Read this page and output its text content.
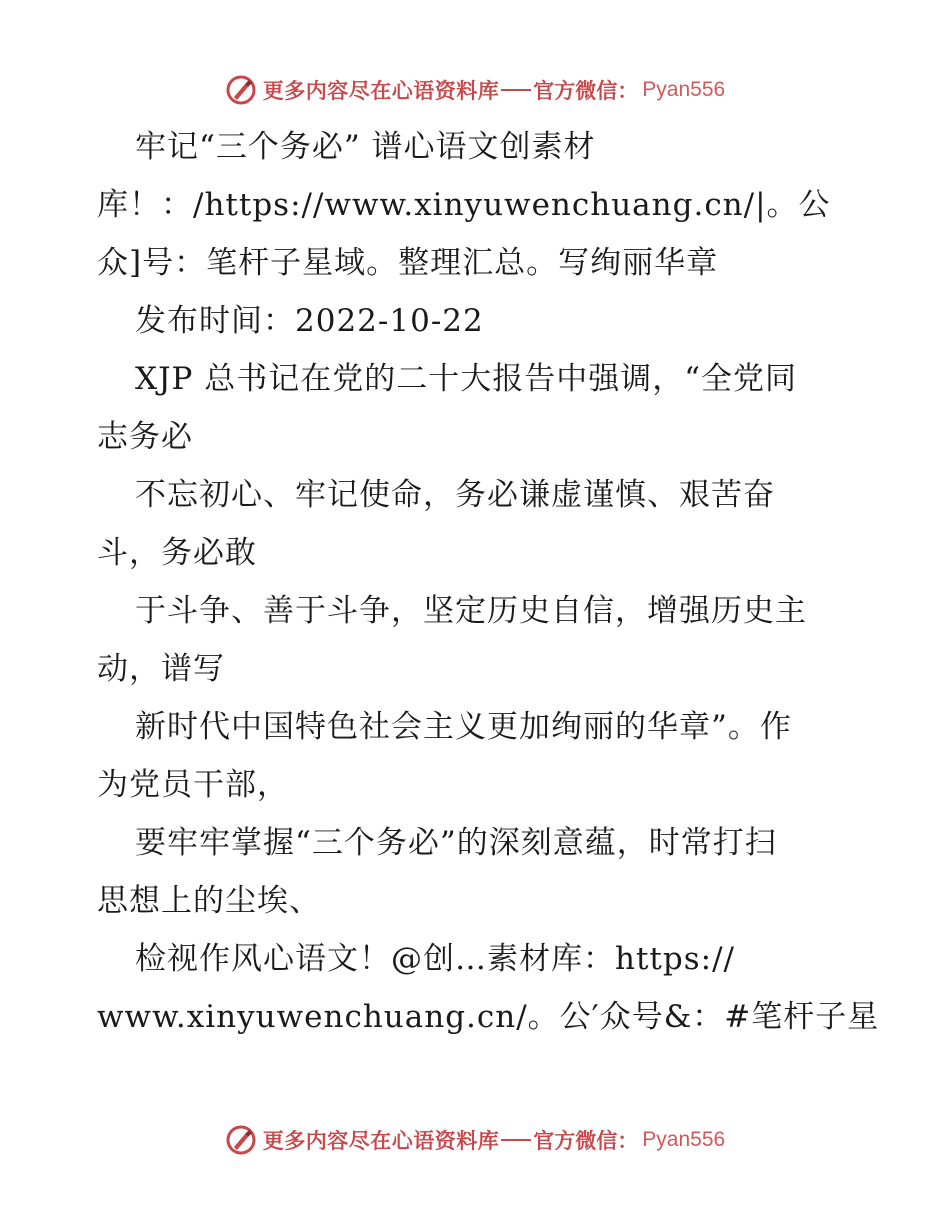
更多内容尽在心语资料库 官方微信： Pyan556
牢记“三个务必” 谱心语文创素材
库！：/https://www.xinyuwenchuang.cn/|。公
众]号：笔杆子星域。整理汇总。写绚丽华章
发布时间：2022-10-22
XJP 总书记在党的二十大报告中强调，“全党同
志务必
不忘初心、牢记使命，务必谦虚谨慎、艰苦奋
斗，务必敢
于斗争、善于斗争，坚定历史自信，增强历史主
动，谱写
新时代中国特色社会主义更加绚丽的华章”。作
为党员干部，
要牢牢掌握“三个务必”的深刻意蕴，时常打扫
思想上的尘埃、
检视作风心语文！@创…素材库：https://
www.xinyuwenchuang.cn/。公′众号&：#笔杆子星
更多内容尽在心语资料库 官方微信： Pyan556
